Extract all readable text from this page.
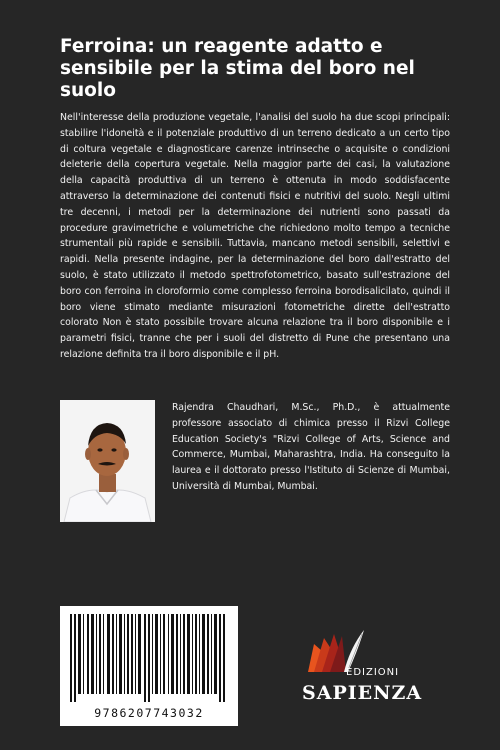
Ferroina: un reagente adatto e sensibile per la stima del boro nel suolo

Nell'interesse della produzione vegetale, l'analisi del suolo ha due scopi principali: stabilire l'idoneità e il potenziale produttivo di un terreno dedicato a un certo tipo di coltura vegetale e diagnosticare carenze intrinseche o acquisite o condizioni deleterie della copertura vegetale. Nella maggior parte dei casi, la valutazione della capacità produttiva di un terreno è ottenuta in modo soddisfacente attraverso la determinazione dei contenuti fisici e nutritivi del suolo. Negli ultimi tre decenni, i metodi per la determinazione dei nutrienti sono passati da procedure gravimetriche e volumetriche che richiedono molto tempo a tecniche strumentali più rapide e sensibili. Tuttavia, mancano metodi sensibili, selettivi e rapidi. Nella presente indagine, per la determinazione del boro dall'estratto del suolo, è stato utilizzato il metodo spettrofotometrico, basato sull'estrazione del boro con ferroina in cloroformio come complesso ferroina borodisalicilato, quindi il boro viene stimato mediante misurazioni fotometriche dirette dell'estratto colorato Non è stato possibile trovare alcuna relazione tra il boro disponibile e i parametri fisici, tranne che per i suoli del distretto di Pune che presentano una relazione definita tra il boro disponibile e il pH.

Rajendra Chaudhari, M.Sc., Ph.D., è attualmente professore associato di chimica presso il Rizvi College Education Society's "Rizvi College of Arts, Science and Commerce, Mumbai, Maharashtra, India. Ha conseguito la laurea e il dottorato presso l'Istituto di Scienze di Mumbai, Università di Mumbai, Mumbai.

9786207743032
EDIZIONI
SAPIENZA
